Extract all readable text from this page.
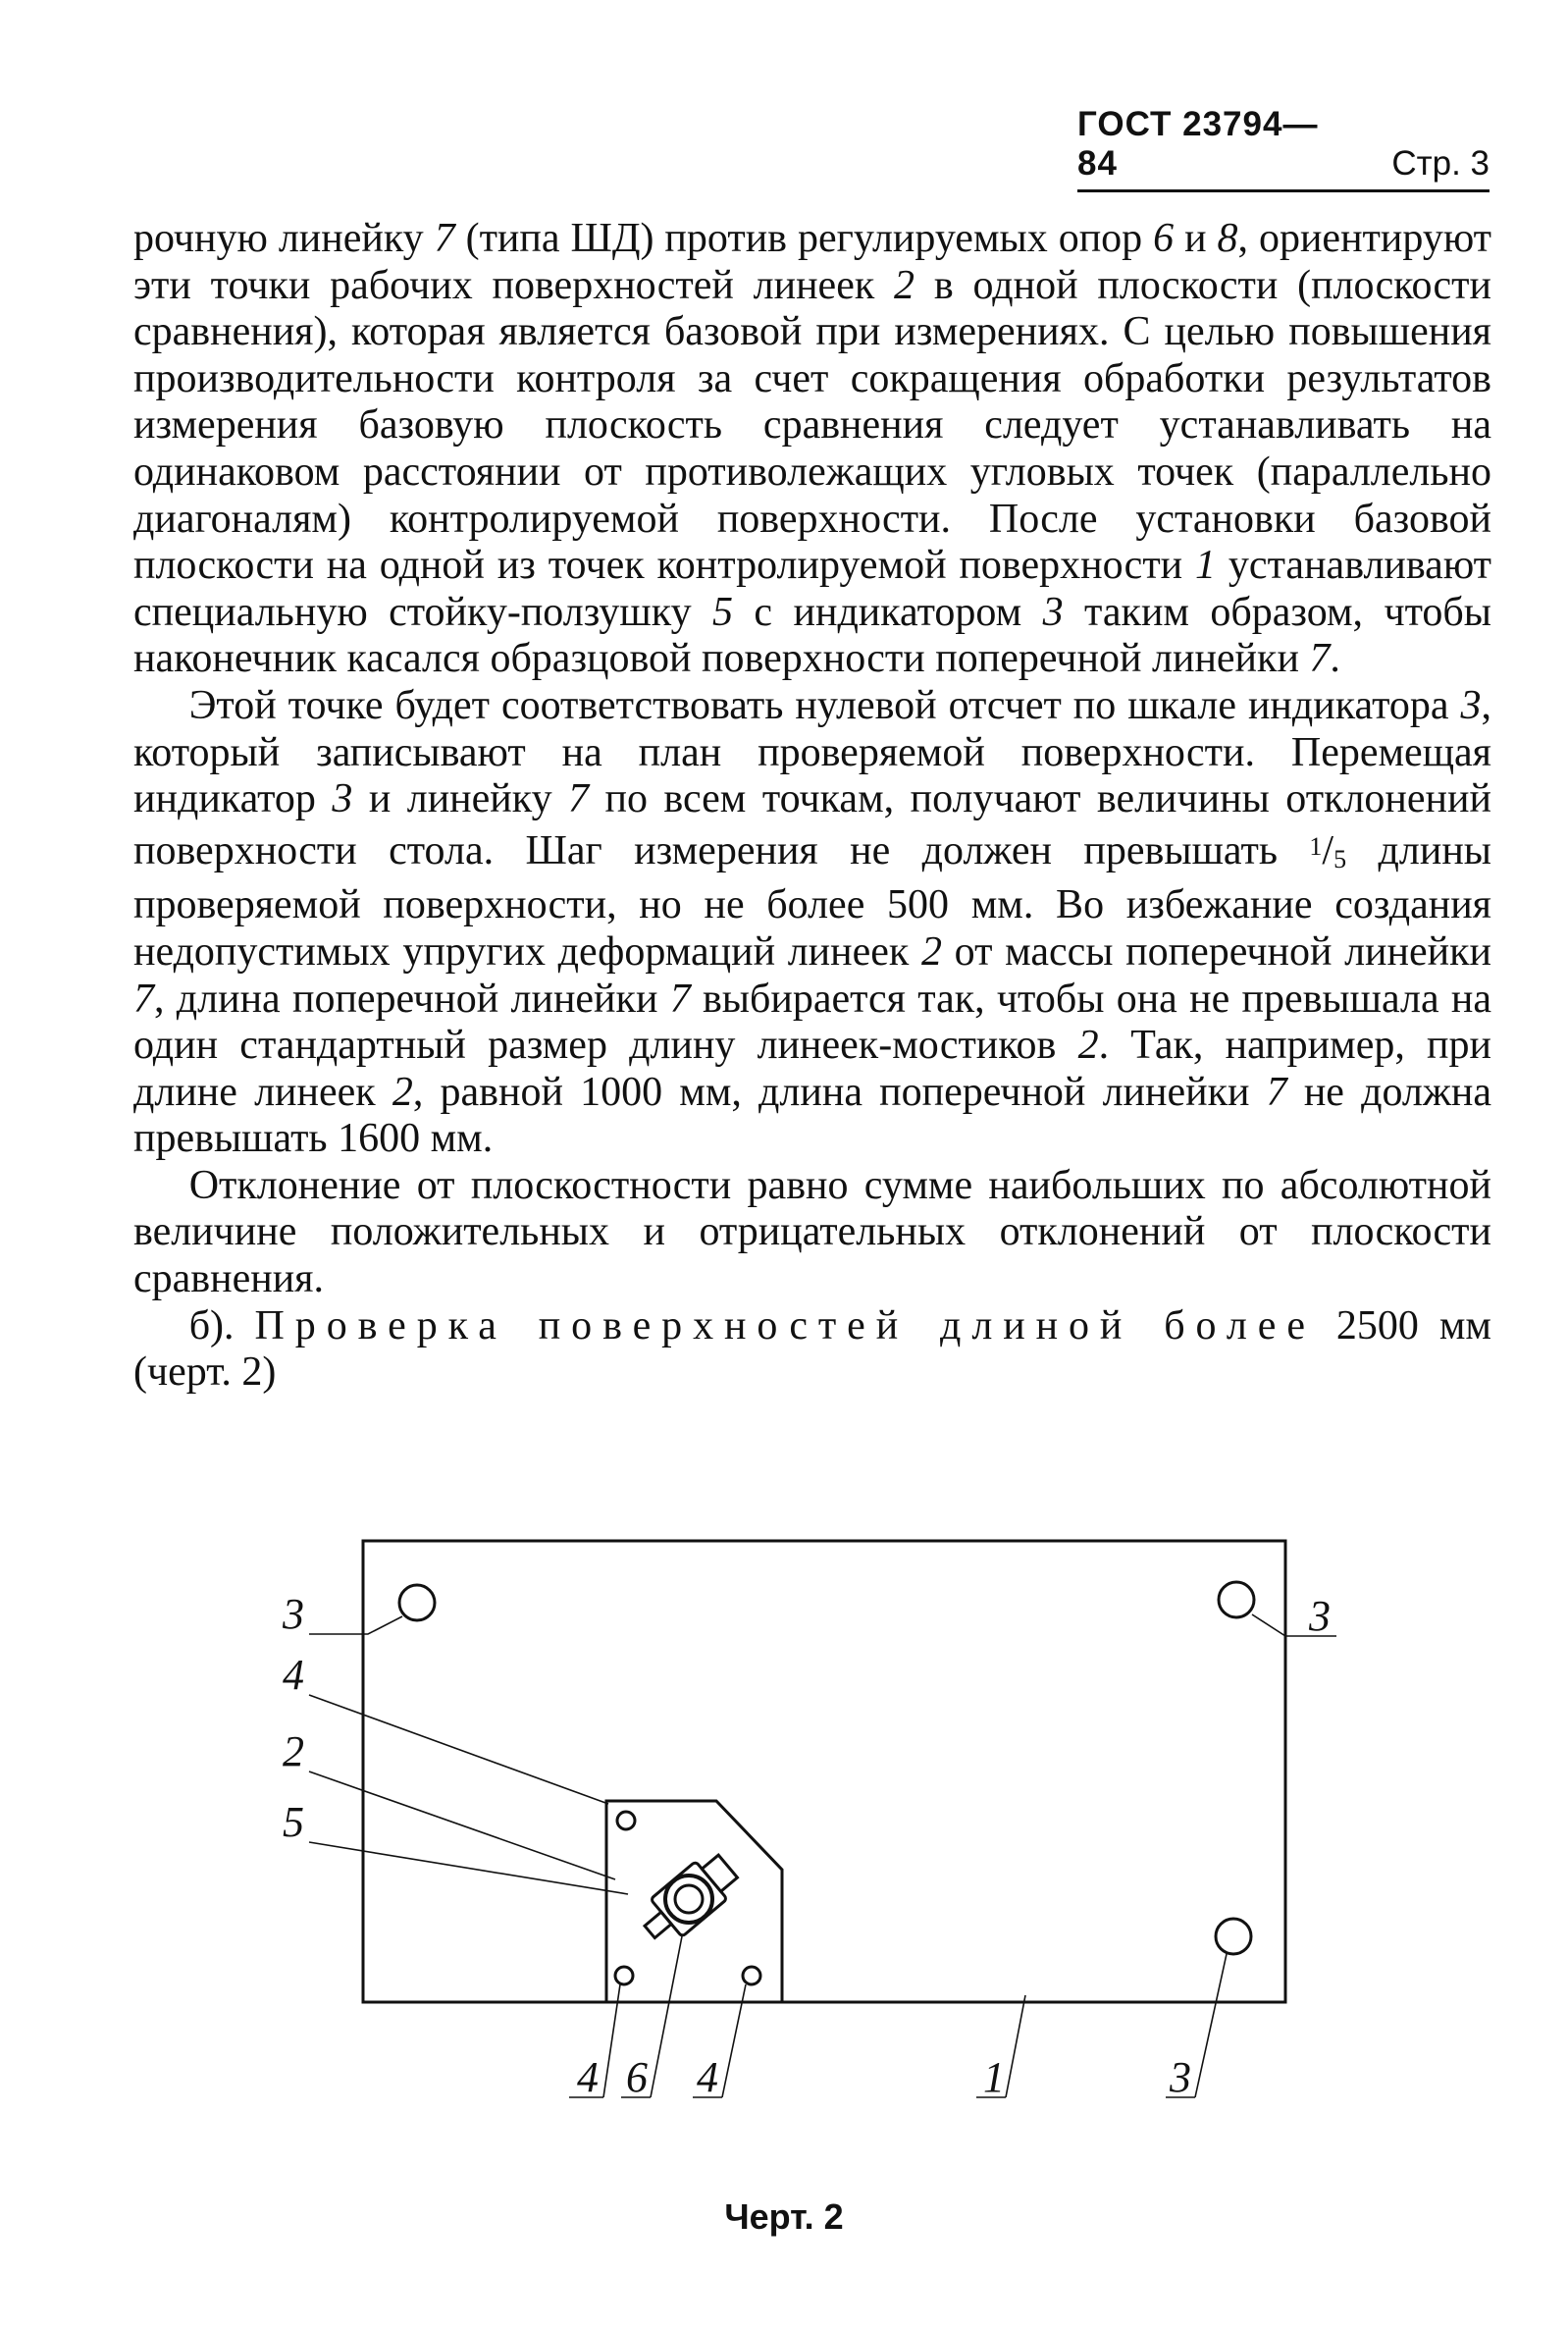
ГОСТ 23794—84	Стр. 3

рочную линейку 7 (типа ШД) против регулируемых опор 6 и 8, ориентируют эти точки рабочих поверхностей линеек 2 в одной плоскости (плоскости сравнения), которая является базовой при измерениях. С целью повышения производительности контроля за счет сокращения обработки результатов измерения базовую плоскость сравнения следует устанавливать на одинаковом расстоянии от противолежащих угловых точек (параллельно диагоналям) контролируемой поверхности. После установки базовой плоскости на одной из точек контролируемой поверхности 1 устанавливают специальную стойку-ползушку 5 с индикатором 3 таким образом, чтобы наконечник касался образцовой поверхности поперечной линейки 7.

Этой точке будет соответствовать нулевой отсчет по шкале индикатора 3, который записывают на план проверяемой поверхности. Перемещая индикатор 3 и линейку 7 по всем точкам, получают величины отклонений поверхности стола. Шаг измерения не должен превышать $^1$/5 длины проверяемой поверхности, но не более 500 мм. Во избежание создания недопустимых упругих деформаций линеек 2 от массы поперечной линейки 7, длина поперечной линейки 7 выбирается так, чтобы она не превышала на один стандартный размер длину линеек-мостиков 2. Так, например, при длине линеек 2, равной 1000 мм, длина поперечной линейки 7 не должна превышать 1600 мм.

Отклонение от плоскостности равно сумме наибольших по абсолютной величине положительных и отрицательных отклонений от плоскости сравнения.

б). Проверка поверхностей длиной более 2500 мм (черт. 2)

3	3
4
2
5
4 6 4	1	3
Черт. 2
